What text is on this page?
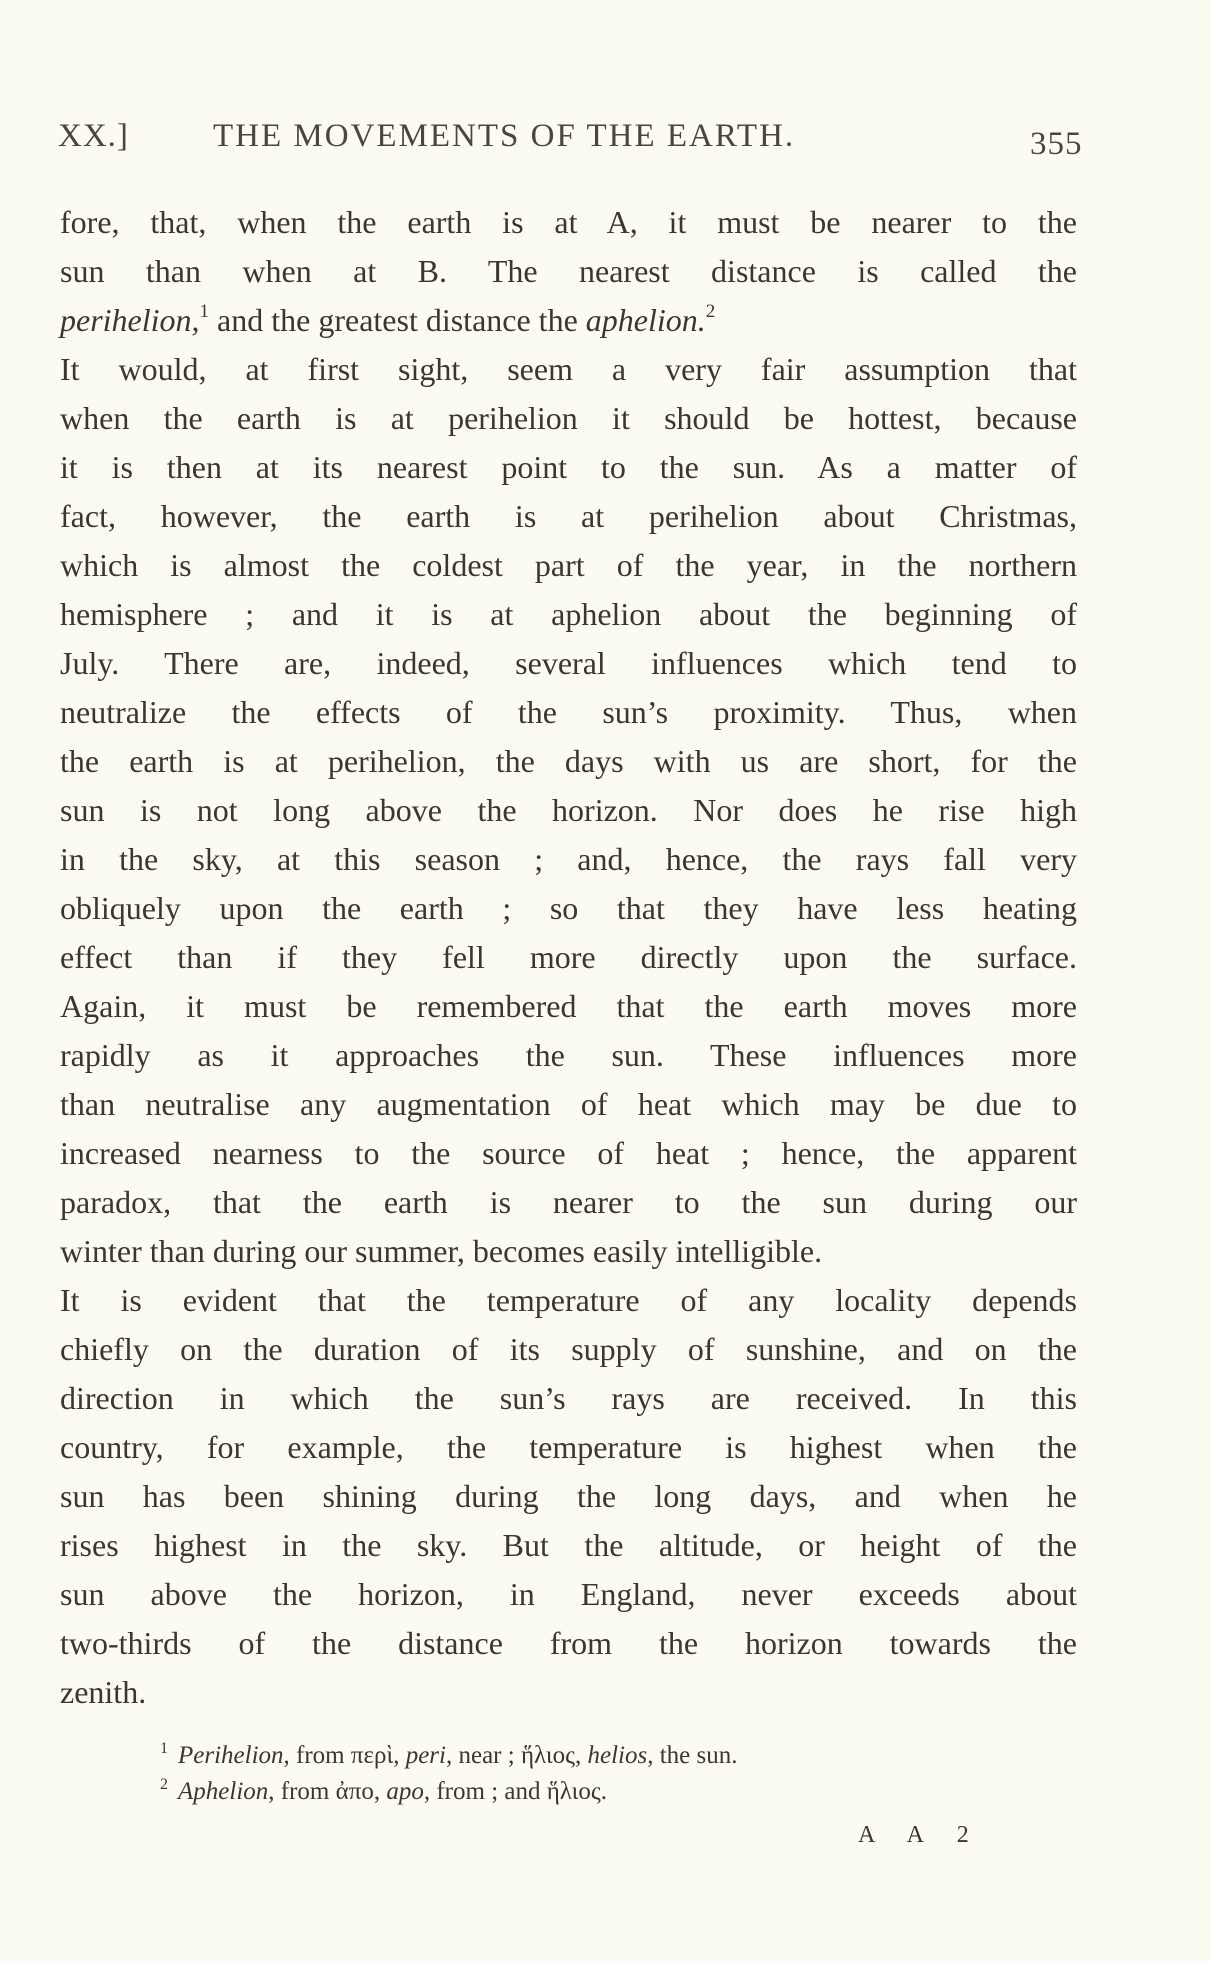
XX.]	THE MOVEMENTS OF THE EARTH.	355
fore, that, when the earth is at A, it must be nearer to the
sun than when at B. The nearest distance is called the
perihelion,$^1$ and the greatest distance the aphelion.$^2$
It would, at first sight, seem a very fair assumption that
when the earth is at perihelion it should be hottest, because
it is then at its nearest point to the sun. As a matter of
fact, however, the earth is at perihelion about Christmas,
which is almost the coldest part of the year, in the northern
hemisphere ; and it is at aphelion about the beginning of
July. There are, indeed, several influences which tend to
neutralize the effects of the sun’s proximity. Thus, when
the earth is at perihelion, the days with us are short, for the
sun is not long above the horizon. Nor does he rise high
in the sky, at this season ; and, hence, the rays fall very
obliquely upon the earth ; so that they have less heating
effect than if they fell more directly upon the surface.
Again, it must be remembered that the earth moves more
rapidly as it approaches the sun. These influences more
than neutralise any augmentation of heat which may be due to
increased nearness to the source of heat ; hence, the apparent
paradox, that the earth is nearer to the sun during our
winter than during our summer, becomes easily intelligible.
It is evident that the temperature of any locality depends
chiefly on the duration of its supply of sunshine, and on the
direction in which the sun’s rays are received. In this
country, for example, the temperature is highest when the
sun has been shining during the long days, and when he
rises highest in the sky. But the altitude, or height of the
sun above the horizon, in England, never exceeds about
two-thirds of the distance from the horizon towards the
zenith.
$^1$ Perihelion, from περὶ, peri, near ; ἥλιος, helios, the sun.
$^2$ Aphelion, from ἀπο, apo, from ; and ἥλιος.
A A 2
